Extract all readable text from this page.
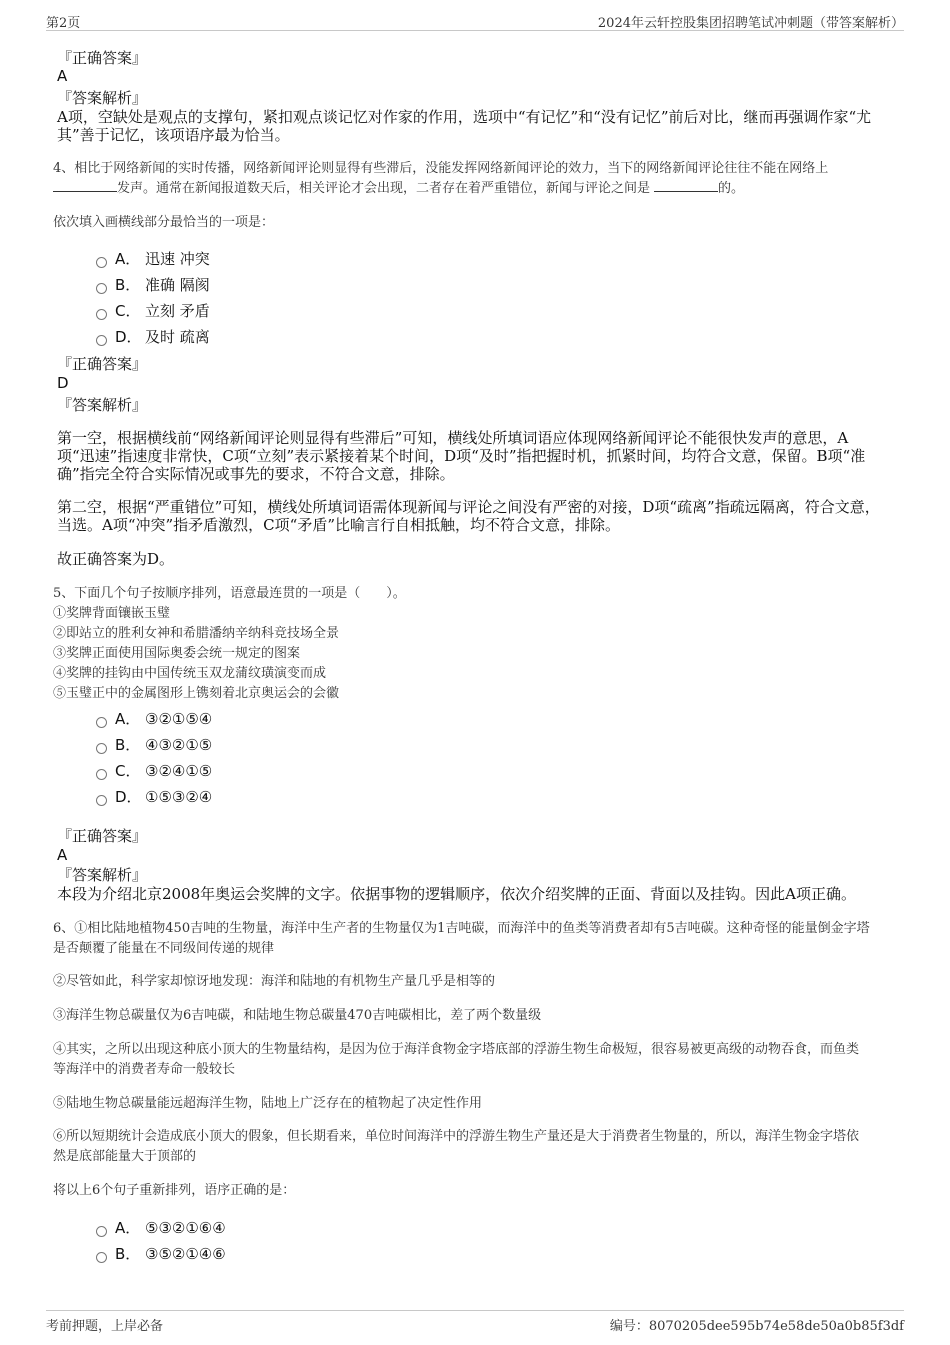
第2页	2024年云轩控股集团招聘笔试冲刺题（带答案解析）
『正确答案』
A
『答案解析』
A项，空缺处是观点的支撑句，紧扣观点谈记忆对作家的作用，选项中“有记忆”和“没有记忆”前后对比，继而再强调作家“尤
其”善于记忆，该项语序最为恰当。
4、相比于网络新闻的实时传播，网络新闻评论则显得有些滞后，没能发挥网络新闻评论的效力，当下的网络新闻评论往往不能在网络上
发声。通常在新闻报道数天后，相关评论才会出现，二者存在着严重错位，新闻与评论之间是	的。
依次填入画横线部分最恰当的一项是：
A． 迅速 冲突
B． 准确 隔阂
C． 立刻 矛盾
D． 及时 疏离
『正确答案』
D
『答案解析』
第一空，根据横线前“网络新闻评论则显得有些滞后”可知，横线处所填词语应体现网络新闻评论不能很快发声的意思，A
项“迅速”指速度非常快，C项“立刻”表示紧接着某个时间，D项“及时”指把握时机，抓紧时间，均符合文意，保留。B项“准
确”指完全符合实际情况或事先的要求，不符合文意，排除。
第二空，根据“严重错位”可知，横线处所填词语需体现新闻与评论之间没有严密的对接，D项“疏离”指疏远隔离，符合文意，
当选。A项“冲突”指矛盾激烈，C项“矛盾”比喻言行自相抵触，均不符合文意，排除。
故正确答案为D。
5、下面几个句子按顺序排列，语意最连贯的一项是（　　）。
①奖牌背面镶嵌玉璧
②即站立的胜利女神和希腊潘纳辛纳科竞技场全景
③奖牌正面使用国际奥委会统一规定的图案
④奖牌的挂钩由中国传统玉双龙蒲纹璜演变而成
⑤玉璧正中的金属图形上镌刻着北京奥运会的会徽
A． ③②①⑤④
B． ④③②①⑤
C． ③②④①⑤
D． ①⑤③②④
『正确答案』
A
『答案解析』
本段为介绍北京2008年奥运会奖牌的文字。依据事物的逻辑顺序，依次介绍奖牌的正面、背面以及挂钩。因此A项正确。
6、①相比陆地植物450吉吨的生物量，海洋中生产者的生物量仅为1吉吨碳，而海洋中的鱼类等消费者却有5吉吨碳。这种奇怪的能量倒金字塔
是否颠覆了能量在不同级间传递的规律
②尽管如此，科学家却惊讶地发现：海洋和陆地的有机物生产量几乎是相等的
③海洋生物总碳量仅为6吉吨碳，和陆地生物总碳量470吉吨碳相比，差了两个数量级
④其实，之所以出现这种底小顶大的生物量结构，是因为位于海洋食物金字塔底部的浮游生物生命极短，很容易被更高级的动物吞食，而鱼类
等海洋中的消费者寿命一般较长
⑤陆地生物总碳量能远超海洋生物，陆地上广泛存在的植物起了决定性作用
⑥所以短期统计会造成底小顶大的假象，但长期看来，单位时间海洋中的浮游生物生产量还是大于消费者生物量的，所以，海洋生物金字塔依
然是底部能量大于顶部的
将以上6个句子重新排列，语序正确的是：
A． ⑤③②①⑥④
B． ③⑤②①④⑥
考前押题，上岸必备	编号：8070205dee595b74e58de50a0b85f3df
